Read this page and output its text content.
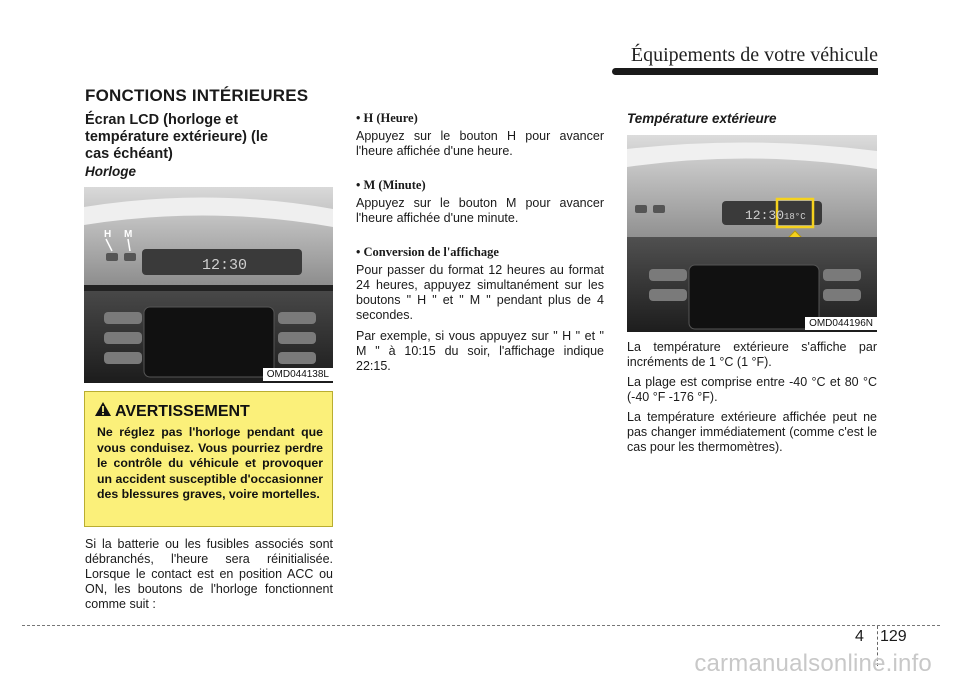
Équipements de votre véhicule
FONCTIONS INTÉRIEURES
Écran LCD (horloge et température extérieure) (le cas échéant)
Horloge
H M
12:30
OMD044138L
AVERTISSEMENT
Ne réglez pas l'horloge pendant que vous conduisez. Vous pourriez perdre le contrôle du véhicule et provoquer un accident susceptible d'occasionner des blessures graves, voire mortelles.
Si la batterie ou les fusibles associés sont débranchés, l'heure sera réinitialisée. Lorsque le contact est en position ACC ou ON, les boutons de l'horloge fonctionnent comme suit :
• H (Heure)
Appuyez sur le bouton H pour avancer l'heure affichée d'une heure.
• M (Minute)
Appuyez sur le bouton M pour avancer l'heure affichée d'une minute.
• Conversion de l'affichage
Pour passer du format 12 heures au format 24 heures, appuyez simultanément sur les boutons " H " et " M " pendant plus de 4 secondes.
Par exemple, si vous appuyez sur " H " et " M " à 10:15 du soir, l'affichage indique 22:15.
Température extérieure
12:30 18°C
OMD044196N
La température extérieure s'affiche par incréments de 1 °C (1 °F).
La plage est comprise entre -40 °C et 80 °C (-40 °F -176 °F).
La température extérieure affichée peut ne pas changer immédiatement (comme c'est le cas pour les thermomètres).
4 129
carmanualsonline.info
